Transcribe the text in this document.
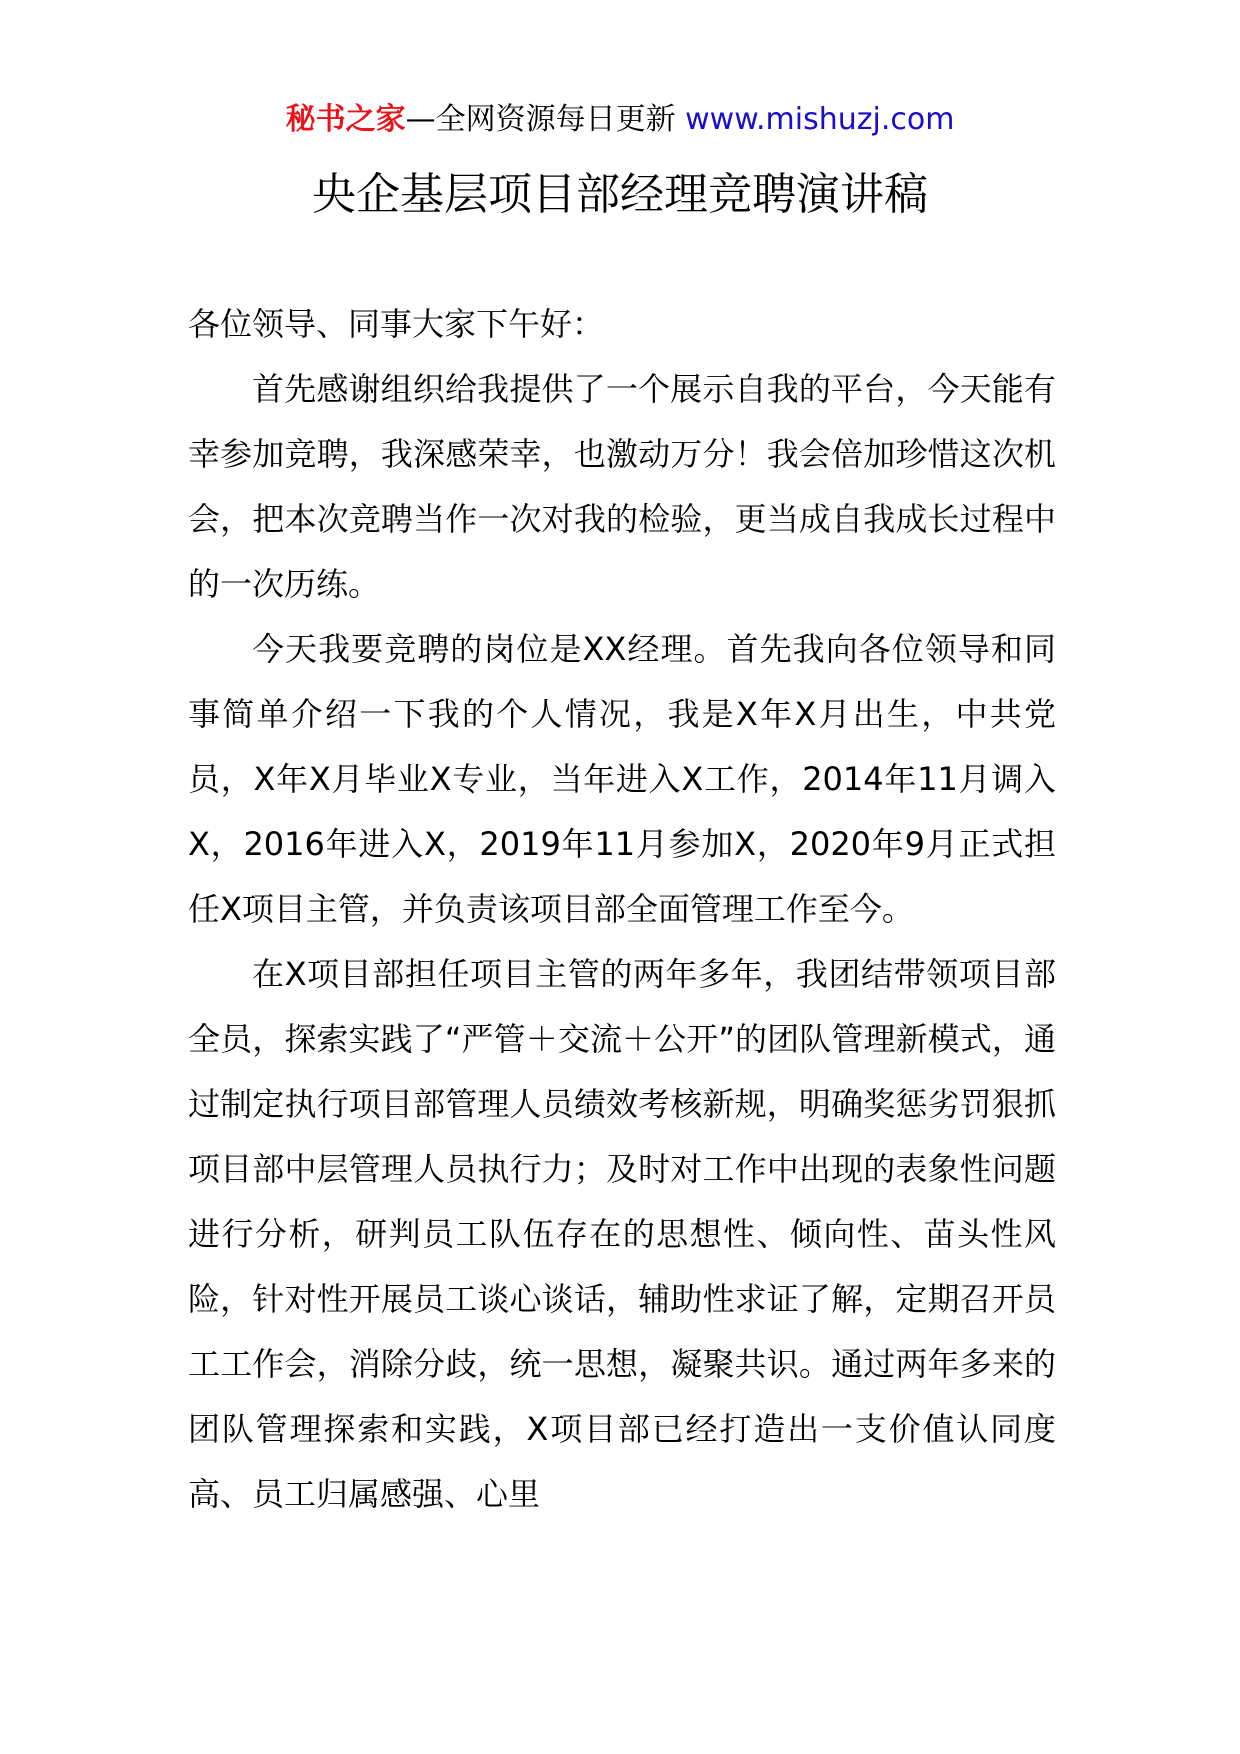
秘书之家—全网资源每日更新 www.mishuzj.com
央企基层项目部经理竞聘演讲稿

各位领导、同事大家下午好：

首先感谢组织给我提供了一个展示自我的平台，今天能有幸参加竞聘，我深感荣幸，也激动万分！我会倍加珍惜这次机会，把本次竞聘当作一次对我的检验，更当成自我成长过程中的一次历练。

今天我要竞聘的岗位是XX经理。首先我向各位领导和同事简单介绍一下我的个人情况，我是X年X月出生，中共党员，X年X月毕业X专业，当年进入X工作，2014年11月调入X，2016年进入X，2019年11月参加X，2020年9月正式担任X项目主管，并负责该项目部全面管理工作至今。

在X项目部担任项目主管的两年多年，我团结带领项目部全员，探索实践了“严管＋交流＋公开”的团队管理新模式，通过制定执行项目部管理人员绩效考核新规，明确奖惩劣罚狠抓项目部中层管理人员执行力；及时对工作中出现的表象性问题进行分析，研判员工队伍存在的思想性、倾向性、苗头性风险，针对性开展员工谈心谈话，辅助性求证了解，定期召开员工工作会，消除分歧，统一思想，凝聚共识。通过两年多来的团队管理探索和实践，X项目部已经打造出一支价值认同度高、员工归属感强、心里
